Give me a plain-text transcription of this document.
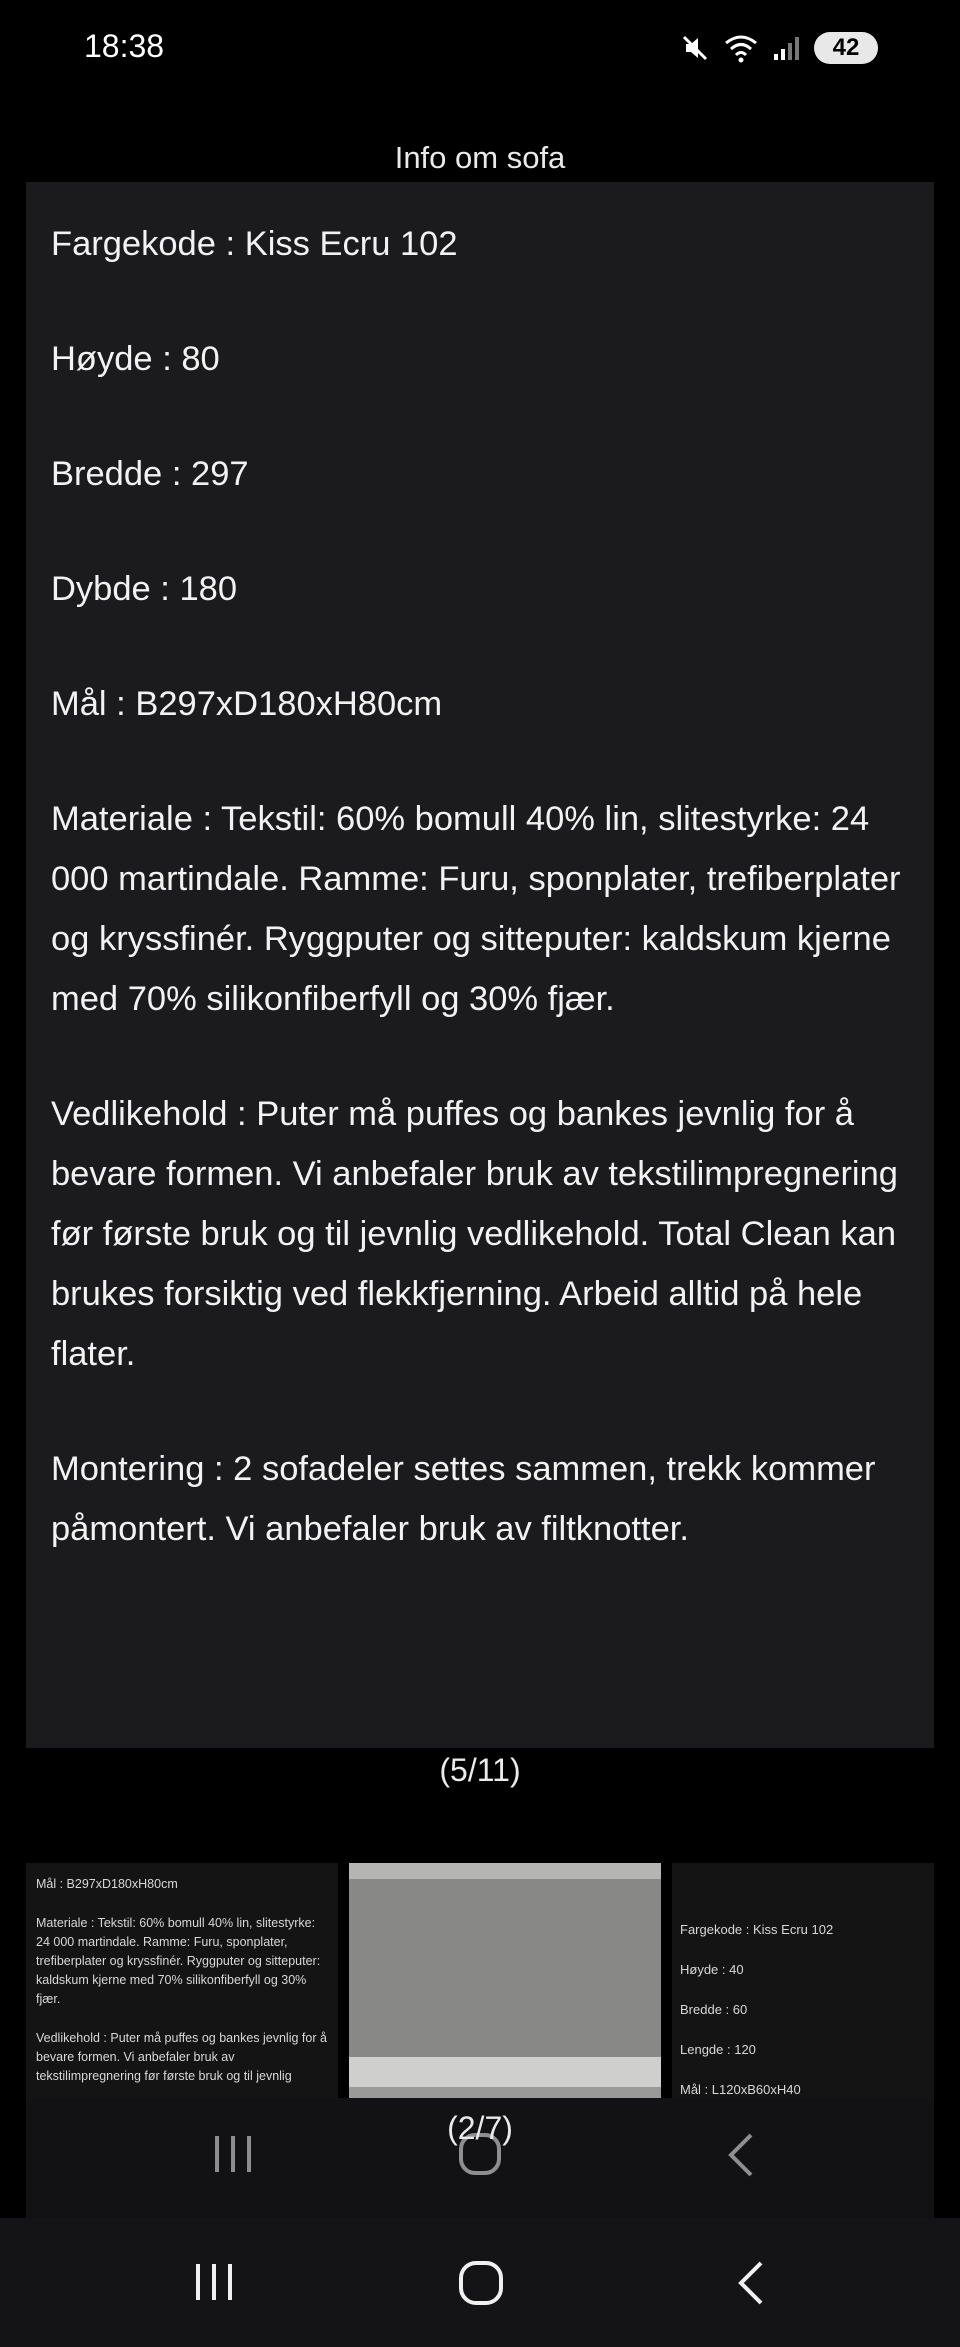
18:38	42
Info om sofa

Fargekode : Kiss Ecru 102

Høyde : 80

Bredde : 297

Dybde : 180

Mål : B297xD180xH80cm

Materiale : Tekstil: 60% bomull 40% lin, slitestyrke: 24 000 martindale. Ramme: Furu, sponplater, trefiberplater og kryssfinér. Ryggputer og sitteputer: kaldskum kjerne med 70% silikonfiberfyll og 30% fjær.

Vedlikehold : Puter må puffes og bankes jevnlig for å bevare formen. Vi anbefaler bruk av tekstilimpregnering før første bruk og til jevnlig vedlikehold. Total Clean kan brukes forsiktig ved flekkfjerning. Arbeid alltid på hele flater.

Montering : 2 sofadeler settes sammen, trekk kommer påmontert. Vi anbefaler bruk av filtknotter.

(5/11)

Mål : B297xD180xH80cm

Materiale : Tekstil: 60% bomull 40% lin, slitestyrke: 24 000 martindale. Ramme: Furu, sponplater, trefiberplater og kryssfinér. Ryggputer og sitteputer: kaldskum kjerne med 70% silikonfiberfyll og 30% fjær.

Vedlikehold : Puter må puffes og bankes jevnlig for å bevare formen. Vi anbefaler bruk av tekstilimpregnering før første bruk og til jevnlig

Fargekode : Kiss Ecru 102

Høyde : 40

Bredde : 60

Lengde : 120

Mål : L120xB60xH40

(2/7)
